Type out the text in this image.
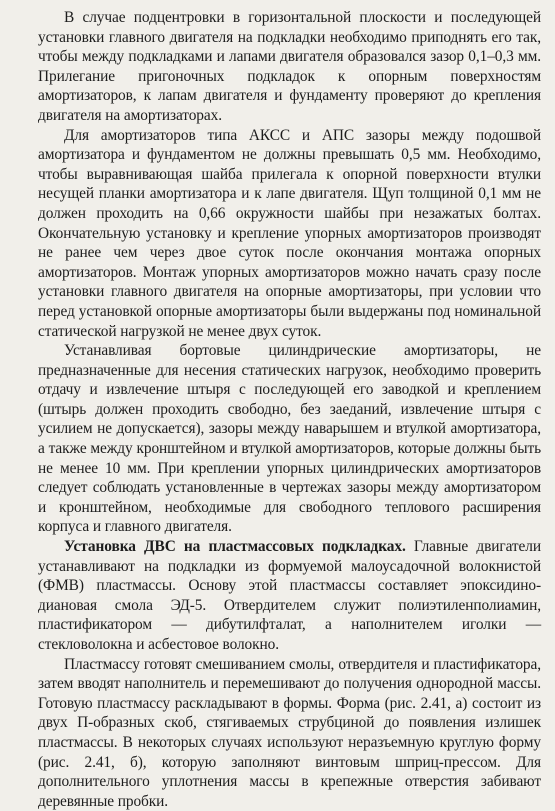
В случае подцентровки в горизонтальной плоскости и последующей установки главного двигателя на подкладки необходимо приподнять его так, чтобы между подкладками и лапами двигателя образовался зазор 0,1–0,3 мм. Прилегание пригоночных подкладок к опорным поверхностям амортизаторов, к лапам двигателя и фундаменту проверяют до крепления двигателя на амортизаторах.

Для амортизаторов типа АКСС и АПС зазоры между подошвой амортизатора и фундаментом не должны превышать 0,5 мм. Необходимо, чтобы выравнивающая шайба прилегала к опорной поверхности втулки несущей планки амортизатора и к лапе двигателя. Щуп толщиной 0,1 мм не должен проходить на 0,66 окружности шайбы при незажатых болтах. Окончательную установку и крепление упорных амортизаторов производят не ранее чем через двое суток после окончания монтажа опорных амортизаторов. Монтаж упорных амортизаторов можно начать сразу после установки главного двигателя на опорные амортизаторы, при условии что перед установкой опорные амортизаторы были выдержаны под номинальной статической нагрузкой не менее двух суток.

Устанавливая бортовые цилиндрические амортизаторы, не предназначенные для несения статических нагрузок, необходимо проверить отдачу и извлечение штыря с последующей его заводкой и креплением (штырь должен проходить свободно, без заеданий, извлечение штыря с усилием не допускается), зазоры между наварышем и втулкой амортизатора, а также между кронштейном и втулкой амортизаторов, которые должны быть не менее 10 мм. При креплении упорных цилиндрических амортизаторов следует соблюдать установленные в чертежах зазоры между амортизатором и кронштейном, необходимые для свободного теплового расширения корпуса и главного двигателя.

Установка ДВС на пластмассовых подкладках. Главные двигатели устанавливают на подкладки из формуемой малоусадочной волокнистой (ФМВ) пластмассы. Основу этой пластмассы составляет эпоксидино-диановая смола ЭД-5. Отвердителем служит полиэтиленполиамин, пластификатором — дибутилфталат, а наполнителем иголки — стекловолокна и асбестовое волокно.

Пластмассу готовят смешиванием смолы, отвердителя и пластификатора, затем вводят наполнитель и перемешивают до получения однородной массы. Готовую пластмассу раскладывают в формы. Форма (рис. 2.41, а) состоит из двух П-образных скоб, стягиваемых струбциной до появления излишек пластмассы. В некоторых случаях используют неразъемную круглую форму (рис. 2.41, б), которую заполняют винтовым шприц-прессом. Для дополнительного уплотнения массы в крепежные отверстия забивают деревянные пробки.
